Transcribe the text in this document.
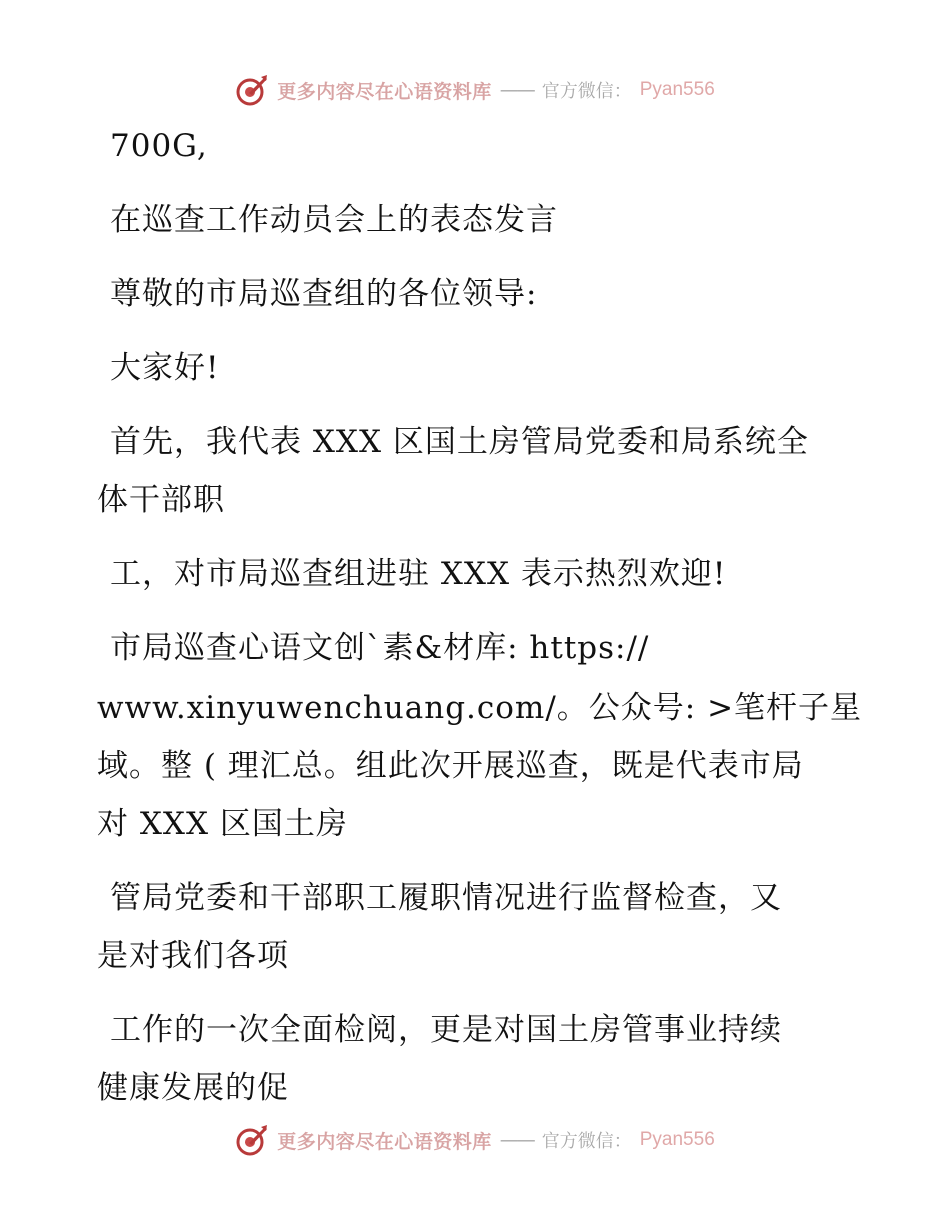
更多内容尽在心语资料库 —— 官方微信： Pyan556
700G,
在巡查工作动员会上的表态发言
尊敬的市局巡查组的各位领导:
大家好!
首先，我代表 XXX 区国土房管局党委和局系统全
体干部职
工，对市局巡查组进驻 XXX 表示热烈欢迎!
市局巡查心语文创`素&材库: https://
www.xinyuwenchuang.com/。公众号: >笔杆子星
域。整 ( 理汇总。组此次开展巡查，既是代表市局
对 XXX 区国土房
管局党委和干部职工履职情况进行监督检查，又
是对我们各项
工作的一次全面检阅，更是对国土房管事业持续
健康发展的促
更多内容尽在心语资料库 —— 官方微信： Pyan556
